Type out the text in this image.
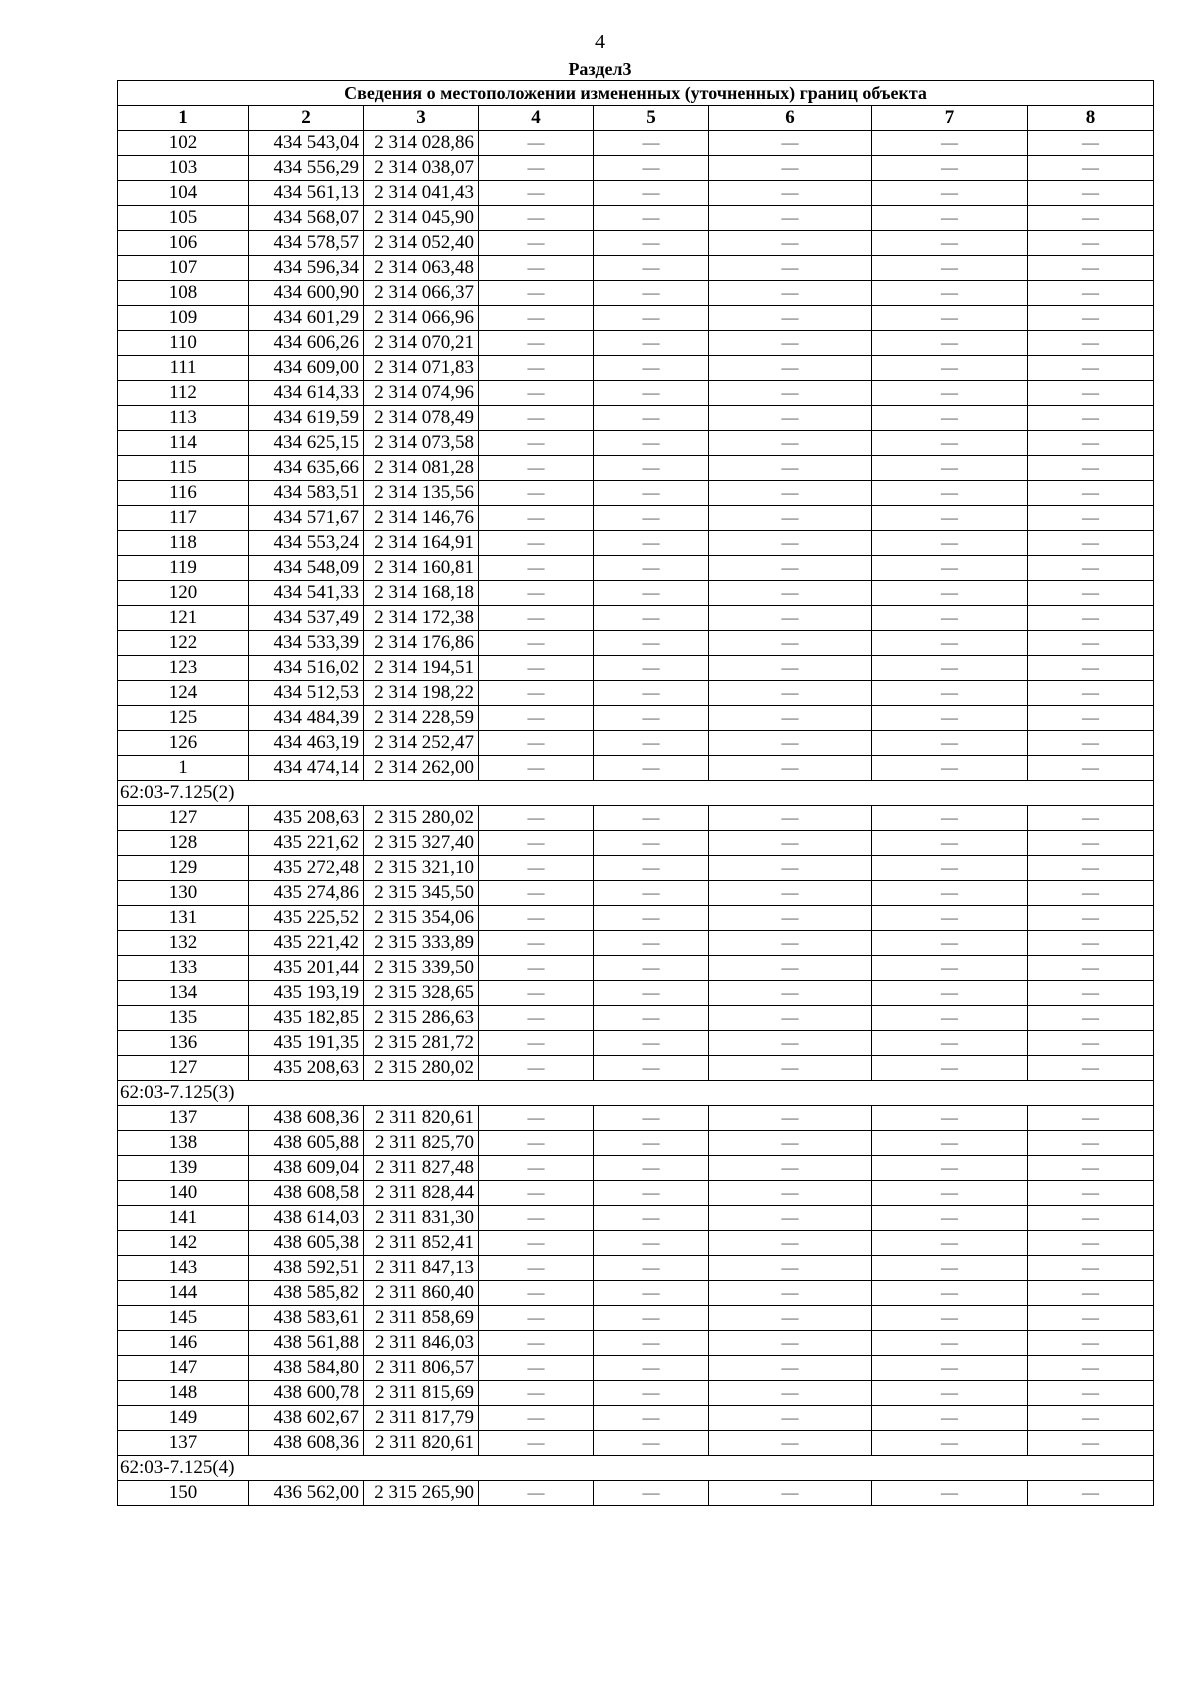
4
Раздел3
Сведения о местоположении измененных (уточненных) границ объекта							
1	2	3	4	5	6	7	8
102	434 543,04	2 314 028,86	—	—	—	—	—
103	434 556,29	2 314 038,07	—	—	—	—	—
104	434 561,13	2 314 041,43	—	—	—	—	—
105	434 568,07	2 314 045,90	—	—	—	—	—
106	434 578,57	2 314 052,40	—	—	—	—	—
107	434 596,34	2 314 063,48	—	—	—	—	—
108	434 600,90	2 314 066,37	—	—	—	—	—
109	434 601,29	2 314 066,96	—	—	—	—	—
110	434 606,26	2 314 070,21	—	—	—	—	—
111	434 609,00	2 314 071,83	—	—	—	—	—
112	434 614,33	2 314 074,96	—	—	—	—	—
113	434 619,59	2 314 078,49	—	—	—	—	—
114	434 625,15	2 314 073,58	—	—	—	—	—
115	434 635,66	2 314 081,28	—	—	—	—	—
116	434 583,51	2 314 135,56	—	—	—	—	—
117	434 571,67	2 314 146,76	—	—	—	—	—
118	434 553,24	2 314 164,91	—	—	—	—	—
119	434 548,09	2 314 160,81	—	—	—	—	—
120	434 541,33	2 314 168,18	—	—	—	—	—
121	434 537,49	2 314 172,38	—	—	—	—	—
122	434 533,39	2 314 176,86	—	—	—	—	—
123	434 516,02	2 314 194,51	—	—	—	—	—
124	434 512,53	2 314 198,22	—	—	—	—	—
125	434 484,39	2 314 228,59	—	—	—	—	—
126	434 463,19	2 314 252,47	—	—	—	—	—
1	434 474,14	2 314 262,00	—	—	—	—	—
62:03-7.125(2)							
127	435 208,63	2 315 280,02	—	—	—	—	—
128	435 221,62	2 315 327,40	—	—	—	—	—
129	435 272,48	2 315 321,10	—	—	—	—	—
130	435 274,86	2 315 345,50	—	—	—	—	—
131	435 225,52	2 315 354,06	—	—	—	—	—
132	435 221,42	2 315 333,89	—	—	—	—	—
133	435 201,44	2 315 339,50	—	—	—	—	—
134	435 193,19	2 315 328,65	—	—	—	—	—
135	435 182,85	2 315 286,63	—	—	—	—	—
136	435 191,35	2 315 281,72	—	—	—	—	—
127	435 208,63	2 315 280,02	—	—	—	—	—
62:03-7.125(3)							
137	438 608,36	2 311 820,61	—	—	—	—	—
138	438 605,88	2 311 825,70	—	—	—	—	—
139	438 609,04	2 311 827,48	—	—	—	—	—
140	438 608,58	2 311 828,44	—	—	—	—	—
141	438 614,03	2 311 831,30	—	—	—	—	—
142	438 605,38	2 311 852,41	—	—	—	—	—
143	438 592,51	2 311 847,13	—	—	—	—	—
144	438 585,82	2 311 860,40	—	—	—	—	—
145	438 583,61	2 311 858,69	—	—	—	—	—
146	438 561,88	2 311 846,03	—	—	—	—	—
147	438 584,80	2 311 806,57	—	—	—	—	—
148	438 600,78	2 311 815,69	—	—	—	—	—
149	438 602,67	2 311 817,79	—	—	—	—	—
137	438 608,36	2 311 820,61	—	—	—	—	—
62:03-7.125(4)							
150	436 562,00	2 315 265,90	—	—	—	—	—
